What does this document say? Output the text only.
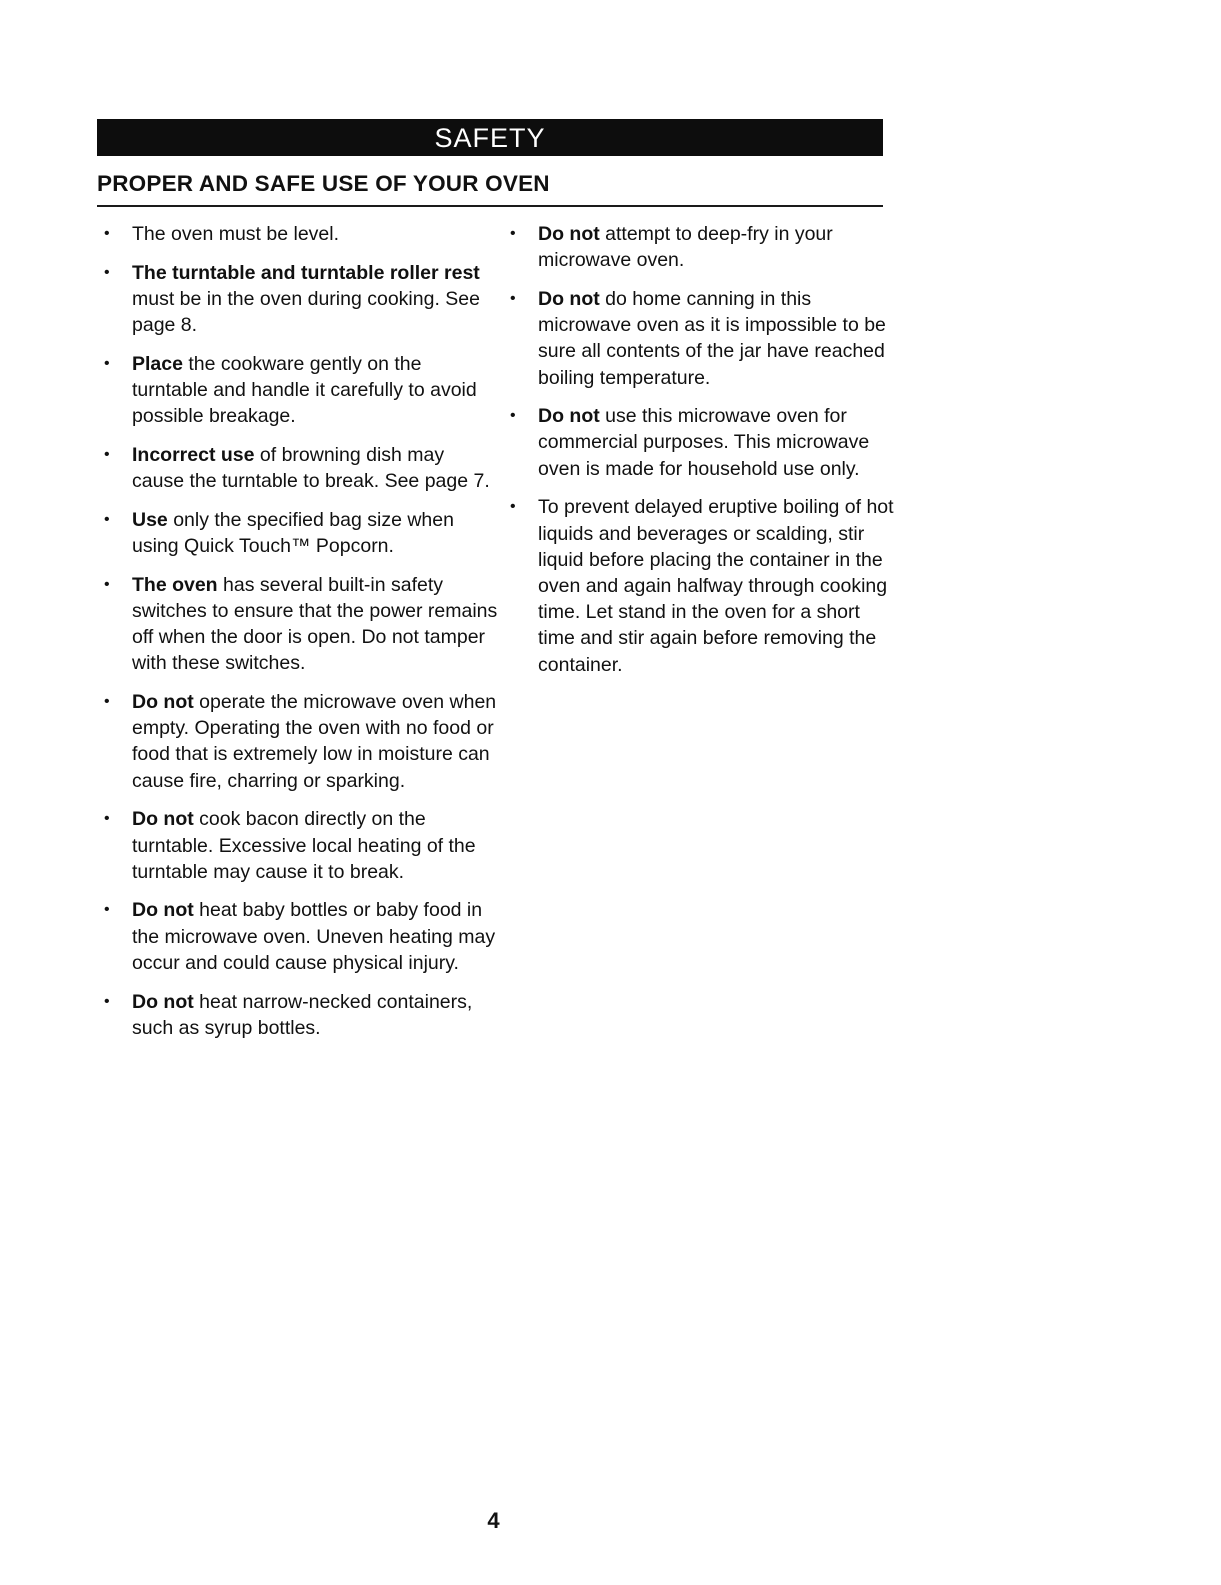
SAFETY
PROPER AND SAFE USE OF YOUR OVEN
• The oven must be level.
• The turntable and turntable roller rest must be in the oven during cooking. See page 8.
• Place the cookware gently on the turntable and handle it carefully to avoid possible breakage.
• Incorrect use of browning dish may cause the turntable to break. See page 7.
• Use only the specified bag size when using Quick Touch™ Popcorn.
• The oven has several built-in safety switches to ensure that the power remains off when the door is open. Do not tamper with these switches.
• Do not operate the microwave oven when empty. Operating the oven with no food or food that is extremely low in moisture can cause fire, charring or sparking.
• Do not cook bacon directly on the turntable. Excessive local heating of the turntable may cause it to break.
• Do not heat baby bottles or baby food in the microwave oven. Uneven heating may occur and could cause physical injury.
• Do not heat narrow-necked containers, such as syrup bottles.
• Do not attempt to deep-fry in your microwave oven.
• Do not do home canning in this microwave oven as it is impossible to be sure all contents of the jar have reached boiling temperature.
• Do not use this microwave oven for commercial purposes. This microwave oven is made for household use only.
• To prevent delayed eruptive boiling of hot liquids and beverages or scalding, stir liquid before placing the container in the oven and again halfway through cooking time. Let stand in the oven for a short time and stir again before removing the container.
4
